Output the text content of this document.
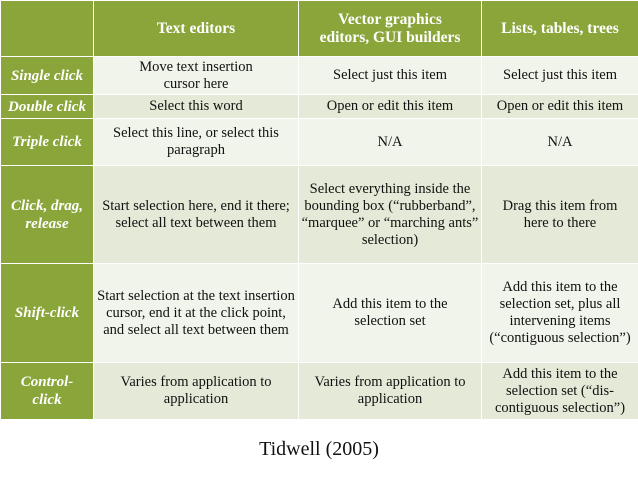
	Text editors	Vector graphics editors, GUI builders	Lists, tables, trees
Single click	Move text insertion cursor here	Select just this item	Select just this item
Double click	Select this word	Open or edit this item	Open or edit this item
Triple click	Select this line, or select this paragraph	N/A	N/A
Click, drag, release	Start selection here, end it there; select all text between them	Select everything inside the bounding box (“rubberband”, “marquee” or “marching ants” selection)	Drag this item from here to there
Shift-click	Start selection at the text insertion cursor, end it at the click point, and select all text between them	Add this item to the selection set	Add this item to the selection set, plus all intervening items (“contiguous selection”)
Control-click	Varies from application to application	Varies from application to application	Add this item to the selection set (“dis-contiguous selection”)
Tidwell (2005)
